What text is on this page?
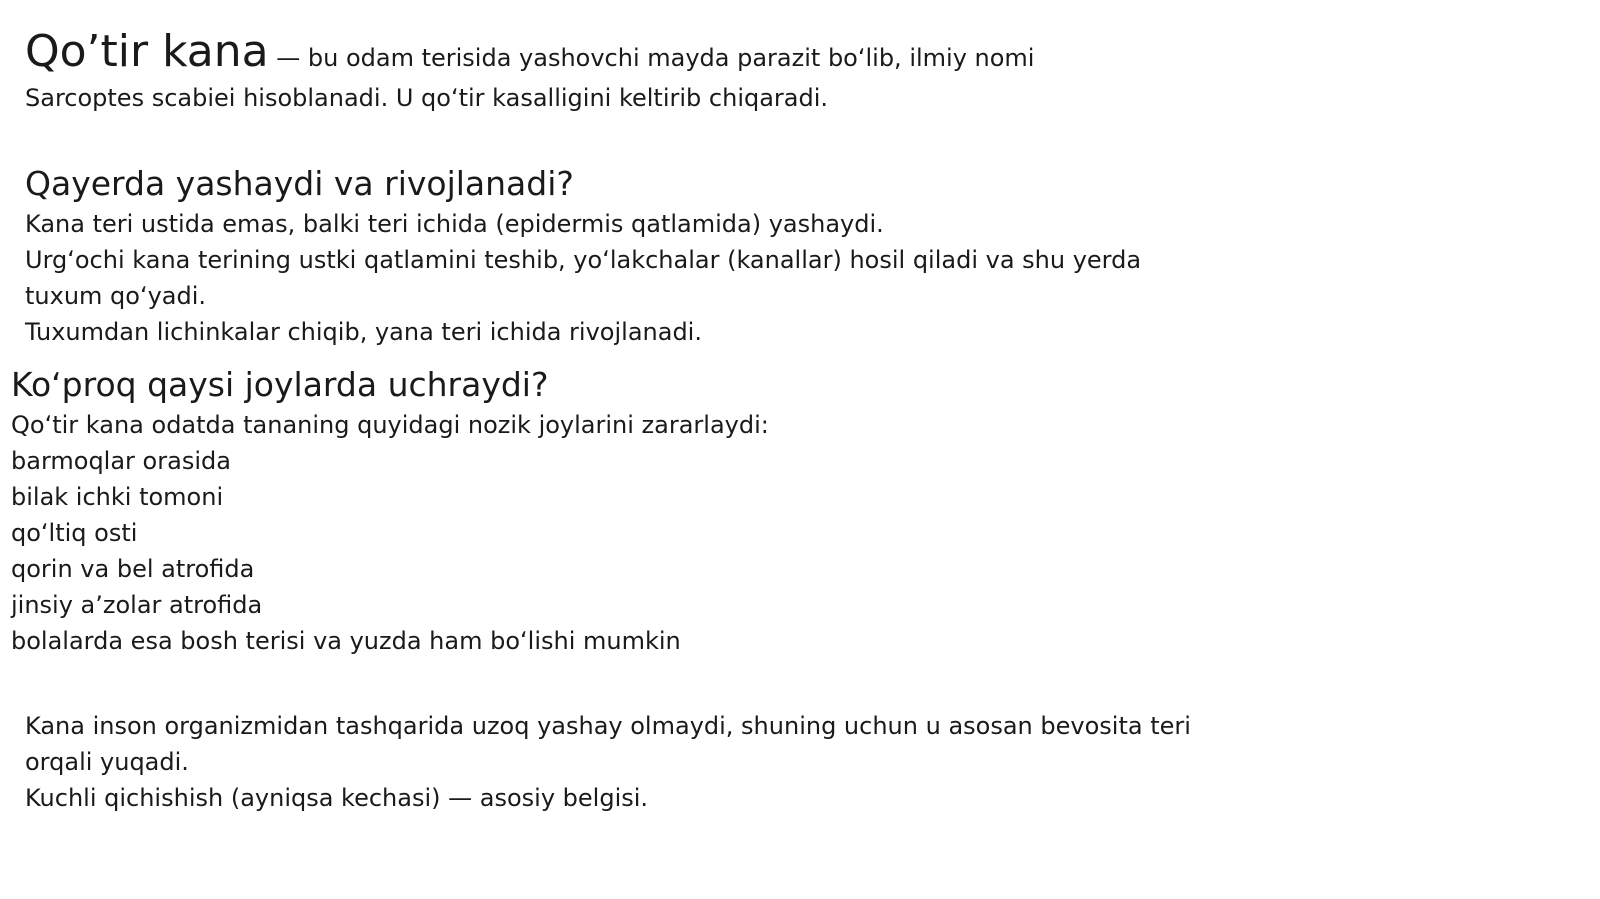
Qo’tir kana — bu odam terisida yashovchi mayda parazit boʻlib, ilmiy nomi
Sarcoptes scabiei hisoblanadi. U qoʻtir kasalligini keltirib chiqaradi.
Qayerda yashaydi va rivojlanadi?
Kana teri ustida emas, balki teri ichida (epidermis qatlamida) yashaydi.
Urgʻochi kana terining ustki qatlamini teshib, yoʻlakchalar (kanallar) hosil qiladi va shu yerda
tuxum qoʻyadi.
Tuxumdan lichinkalar chiqib, yana teri ichida rivojlanadi.
Koʻproq qaysi joylarda uchraydi?
Qoʻtir kana odatda tananing quyidagi nozik joylarini zararlaydi:
barmoqlar orasida
bilak ichki tomoni
qoʻltiq osti
qorin va bel atrofida
jinsiy a’zolar atrofida
bolalarda esa bosh terisi va yuzda ham boʻlishi mumkin
Kana inson organizmidan tashqarida uzoq yashay olmaydi, shuning uchun u asosan bevosita teri
orqali yuqadi.
Kuchli qichishish (ayniqsa kechasi) — asosiy belgisi.
